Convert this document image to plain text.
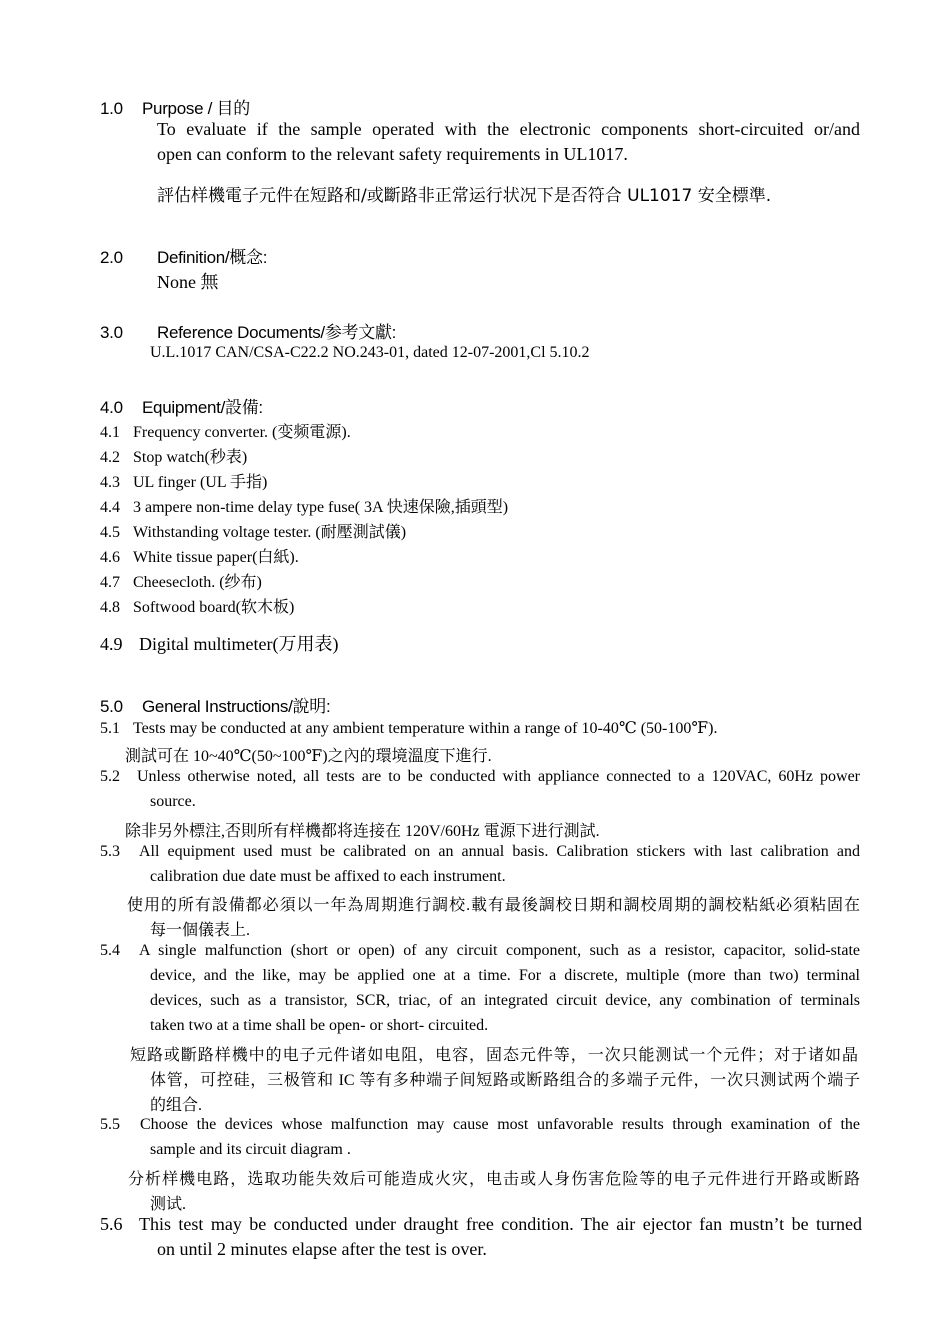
1.0 Purpose / 目的
To evaluate if the sample operated with the electronic components short-circuited or/and
open can conform to the relevant safety requirements in UL1017.
評估样機電子元件在短路和/或斷路非正常运行状况下是否符合 UL1017 安全標準.
2.0 Definition/概念:
None 無
3.0 Reference Documents/参考文獻:
U.L.1017 CAN/CSA-C22.2 NO.243-01, dated 12-07-2001,Cl 5.10.2
4.0 Equipment/設備:
4.1 Frequency converter. (变频電源).
4.2 Stop watch(秒表)
4.3 UL finger (UL 手指)
4.4 3 ampere non-time delay type fuse( 3A 快速保險,插頭型)
4.5 Withstanding voltage tester. (耐壓測試儀)
4.6 White tissue paper(白紙).
4.7 Cheesecloth. (纱布)
4.8 Softwood board(软木板)
4.9 Digital multimeter(万用表)
5.0 General Instructions/說明:
5.1 Tests may be conducted at any ambient temperature within a range of 10-40℃ (50-100℉).
測試可在 10~40℃(50~100℉)之內的環境溫度下進行.
5.2 Unless otherwise noted, all tests are to be conducted with appliance connected to a 120VAC, 60Hz power
source.
除非另外標注,否則所有样機都将连接在 120V/60Hz 電源下进行測試.
5.3 All equipment used must be calibrated on an annual basis. Calibration stickers with last calibration and
calibration due date must be affixed to each instrument.
使用的所有設備都必須以一年為周期進行調校.載有最後調校日期和調校周期的調校粘紙必須粘固在
每一個儀表上.
5.4 A single malfunction (short or open) of any circuit component, such as a resistor, capacitor, solid-state
device, and the like, may be applied one at a time. For a discrete, multiple (more than two) terminal
devices, such as a transistor, SCR, triac, of an integrated circuit device, any combination of terminals
taken two at a time shall be open- or short- circuited.
短路或斷路样機中的电子元件诸如电阻，电容，固态元件等，一次只能测试一个元件；对于诸如晶
体管，可控硅，三极管和 IC 等有多种端子间短路或断路组合的多端子元件，一次只测试两个端子
的组合.
5.5 Choose the devices whose malfunction may cause most unfavorable results through examination of the
sample and its circuit diagram .
分析样機电路，选取功能失效后可能造成火灾，电击或人身伤害危险等的电子元件进行开路或断路
测试.
5.6 This test may be conducted under draught free condition. The air ejector fan mustn’t be turned
on until 2 minutes elapse after the test is over.
